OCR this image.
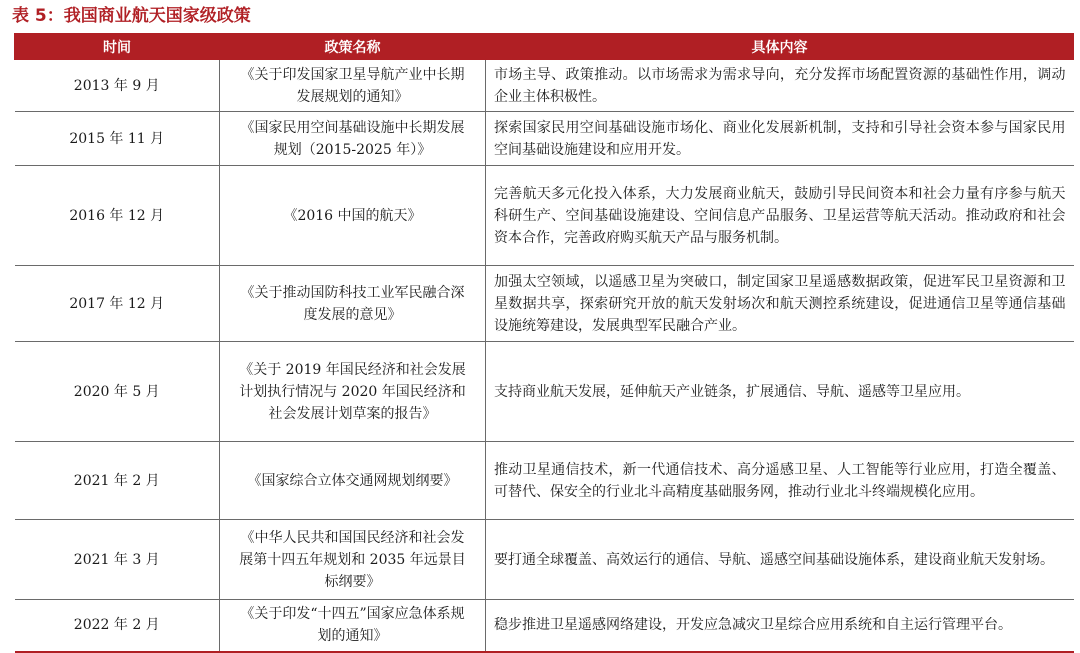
表 5：我国商业航天国家级政策
时间	政策名称	具体内容
2013 年 9 月	《关于印发国家卫星导航产业中长期发展规划的通知》	市场主导、政策推动。以市场需求为需求导向，充分发挥市场配置资源的基础性作用，调动企业主体积极性。
2015 年 11 月	《国家民用空间基础设施中长期发展规划（2015-2025 年）》	探索国家民用空间基础设施市场化、商业化发展新机制，支持和引导社会资本参与国家民用空间基础设施建设和应用开发。
2016 年 12 月	《2016 中国的航天》	完善航天多元化投入体系，大力发展商业航天，鼓励引导民间资本和社会力量有序参与航天科研生产、空间基础设施建设、空间信息产品服务、卫星运营等航天活动。推动政府和社会资本合作，完善政府购买航天产品与服务机制。
2017 年 12 月	《关于推动国防科技工业军民融合深度发展的意见》	加强太空领域，以遥感卫星为突破口，制定国家卫星遥感数据政策，促进军民卫星资源和卫星数据共享，探索研究开放的航天发射场次和航天测控系统建设，促进通信卫星等通信基础设施统筹建设，发展典型军民融合产业。
2020 年 5 月	《关于 2019 年国民经济和社会发展计划执行情况与 2020 年国民经济和社会发展计划草案的报告》	支持商业航天发展，延伸航天产业链条，扩展通信、导航、遥感等卫星应用。
2021 年 2 月	《国家综合立体交通网规划纲要》	推动卫星通信技术，新一代通信技术、高分遥感卫星、人工智能等行业应用，打造全覆盖、可替代、保安全的行业北斗高精度基础服务网，推动行业北斗终端规模化应用。
2021 年 3 月	《中华人民共和国国民经济和社会发展第十四五年规划和 2035 年远景目标纲要》	要打通全球覆盖、高效运行的通信、导航、遥感空间基础设施体系，建设商业航天发射场。
2022 年 2 月	《关于印发“十四五”国家应急体系规划的通知》	稳步推进卫星遥感网络建设，开发应急减灾卫星综合应用系统和自主运行管理平台。
